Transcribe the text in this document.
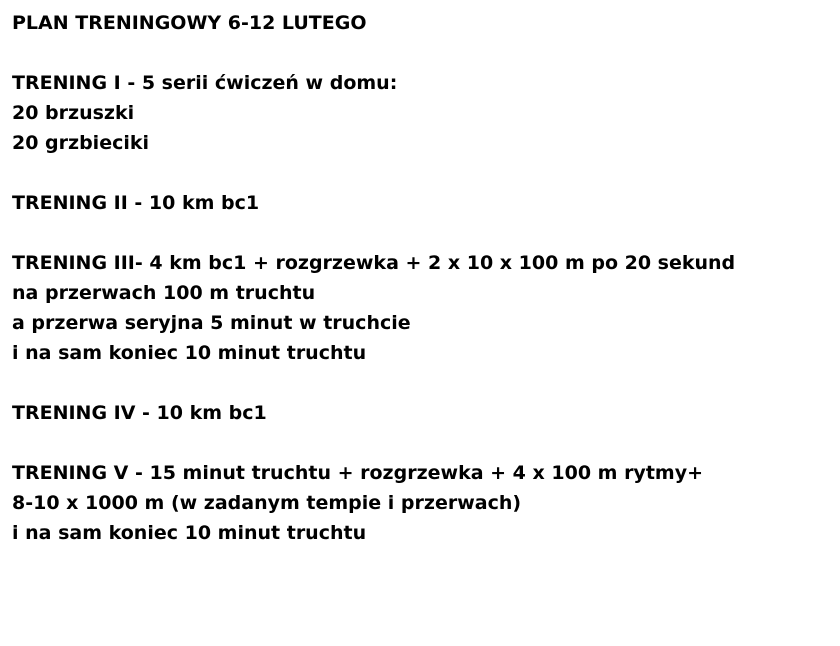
PLAN TRENINGOWY 6-12 LUTEGO
TRENING I - 5 serii ćwiczeń w domu:
20 brzuszki
20 grzbieciki
TRENING II - 10 km bc1
TRENING III- 4 km bc1 + rozgrzewka + 2 x 10 x 100 m po 20 sekund
na przerwach 100 m truchtu
a przerwa seryjna 5 minut w truchcie
i na sam koniec 10 minut truchtu
TRENING IV - 10 km bc1
TRENING V - 15 minut truchtu + rozgrzewka + 4 x 100 m rytmy+
8-10 x 1000 m (w zadanym tempie i przerwach)
i na sam koniec 10 minut truchtu
